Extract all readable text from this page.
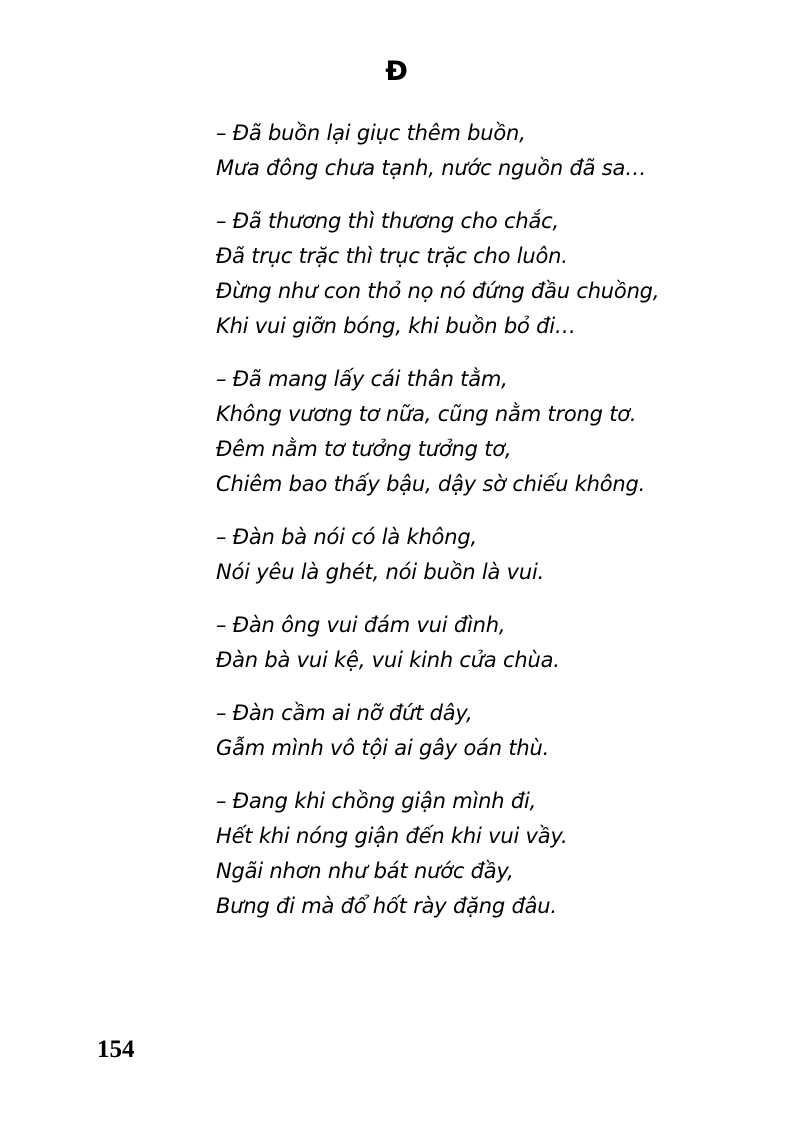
Đ
– Đã buồn lại giục thêm buồn,
Mưa đông chưa tạnh, nước nguồn đã sa…
– Đã thương thì thương cho chắc,
Đã trục trặc thì trục trặc cho luôn.
Đừng như con thỏ nọ nó đứng đầu chuồng,
Khi vui giỡn bóng, khi buồn bỏ đi…
– Đã mang lấy cái thân tằm,
Không vương tơ nữa, cũng nằm trong tơ.
Đêm nằm tơ tưởng tưởng tơ,
Chiêm bao thấy bậu, dậy sờ chiếu không.
– Đàn bà nói có là không,
Nói yêu là ghét, nói buồn là vui.
– Đàn ông vui đám vui đình,
Đàn bà vui kệ, vui kinh cửa chùa.
– Đàn cầm ai nỡ đứt dây,
Gẫm mình vô tội ai gây oán thù.
– Đang khi chồng giận mình đi,
Hết khi nóng giận đến khi vui vầy.
Ngãi nhơn như bát nước đầy,
Bưng đi mà đổ hốt rày đặng đâu.
154
